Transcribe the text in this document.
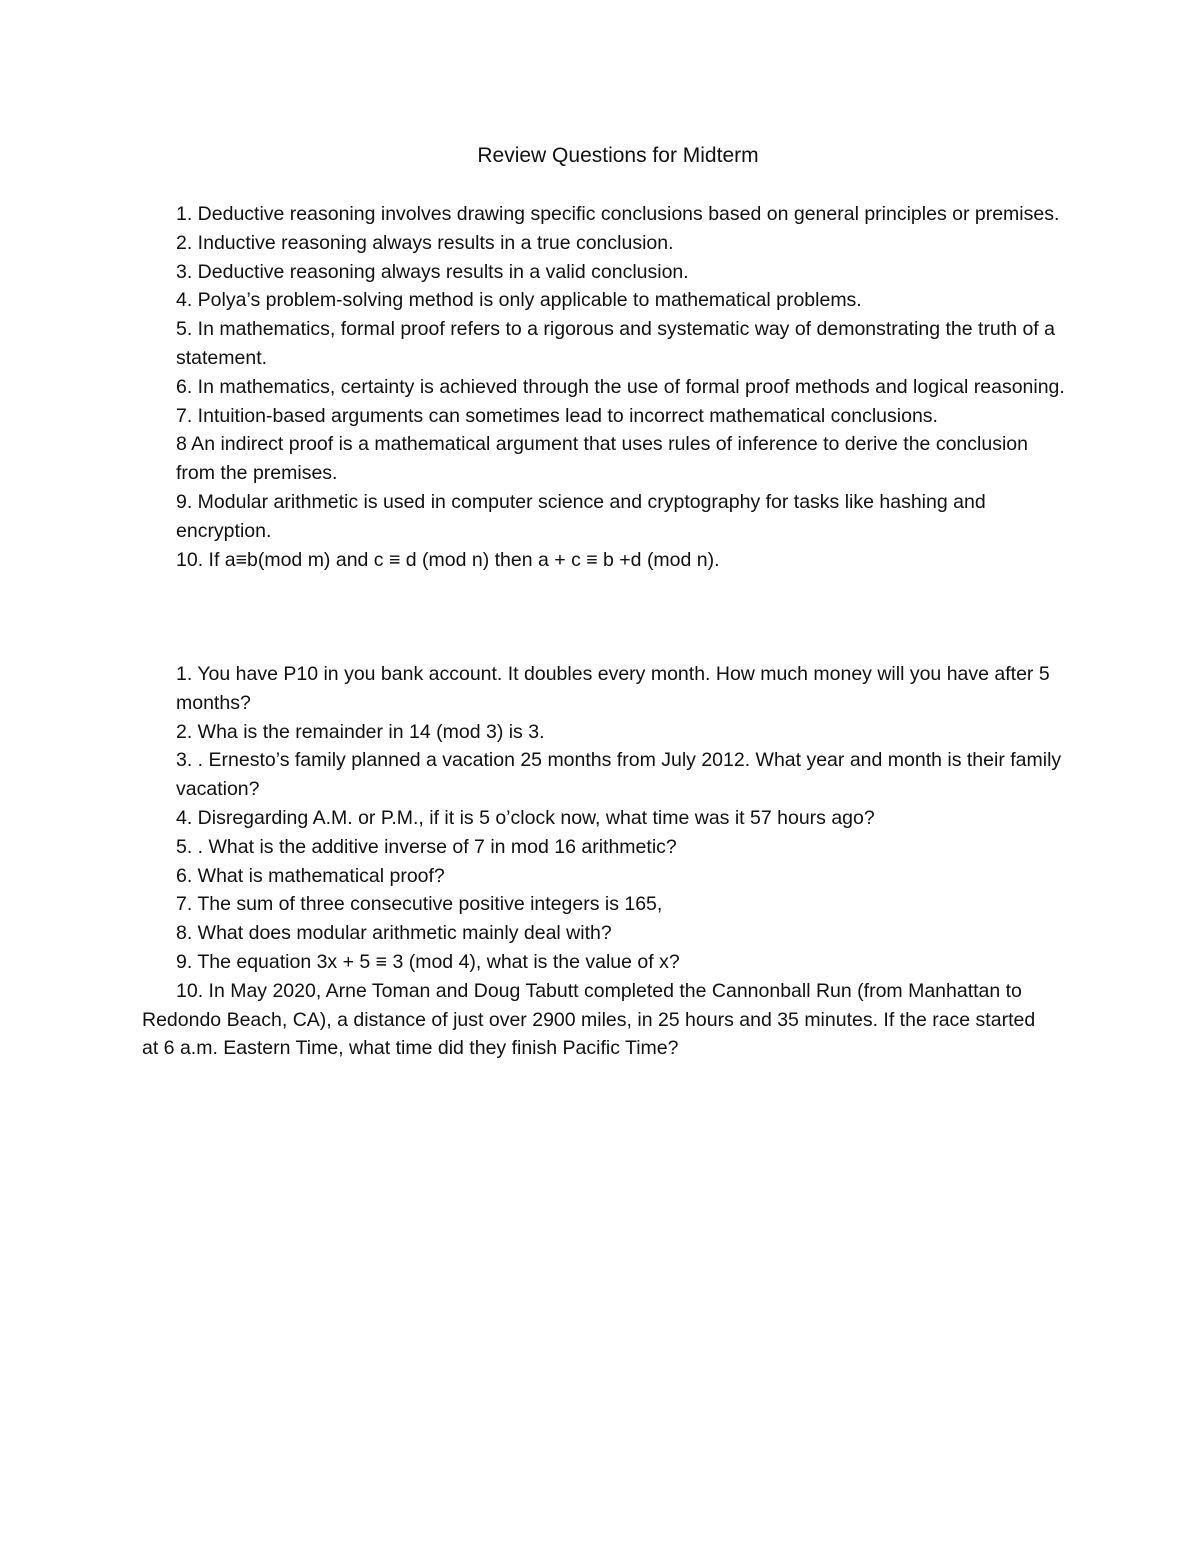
Review Questions for Midterm

1. Deductive reasoning involves drawing specific conclusions based on general principles or premises.

2. Inductive reasoning always results in a true conclusion.

3. Deductive reasoning always results in a valid conclusion.

4. Polya’s problem-solving method is only applicable to mathematical problems.

5. In mathematics, formal proof refers to a rigorous and systematic way of demonstrating the truth of a statement.

6. In mathematics, certainty is achieved through the use of formal proof methods and logical reasoning.

7. Intuition-based arguments can sometimes lead to incorrect mathematical conclusions.

8 An indirect proof is a mathematical argument that uses rules of inference to derive the conclusion from the premises.

9. Modular arithmetic is used in computer science and cryptography for tasks like hashing and encryption.

10. If a≡b(mod m) and c ≡ d (mod n) then a + c ≡ b +d (mod n).

1. You have P10 in you bank account. It doubles every month. How much money will you have after 5 months?

2. Wha is the remainder in 14 (mod 3) is 3.

3. . Ernesto’s family planned a vacation 25 months from July 2012. What year and month is their family vacation?

4. Disregarding A.M. or P.M., if it is 5 o’clock now, what time was it 57 hours ago?

5. . What is the additive inverse of 7 in mod 16 arithmetic?

6. What is mathematical proof?

7. The sum of three consecutive positive integers is 165,

8. What does modular arithmetic mainly deal with?

9. The equation 3x + 5 ≡ 3 (mod 4), what is the value of x?

10. In May 2020, Arne Toman and Doug Tabutt completed the Cannonball Run (from Manhattan to Redondo Beach, CA), a distance of just over 2900 miles, in 25 hours and 35 minutes. If the race started at 6 a.m. Eastern Time, what time did they finish Pacific Time?
